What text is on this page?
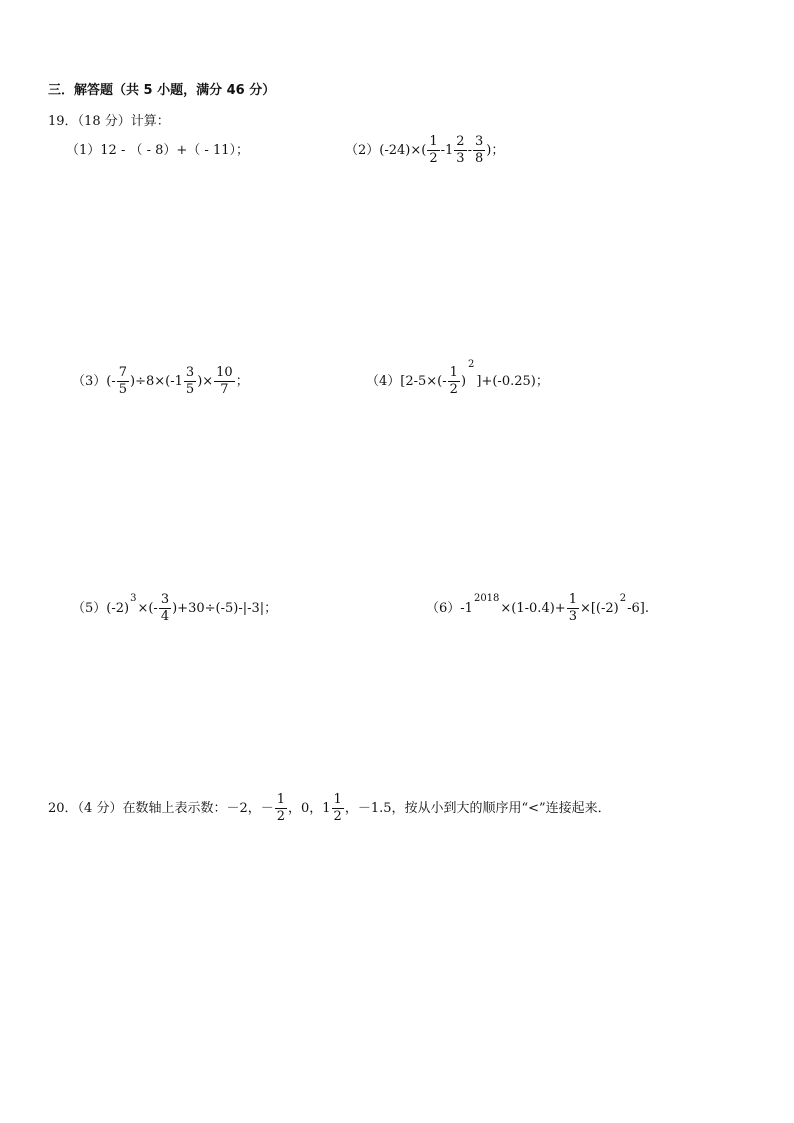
三．解答题（共 5 小题，满分 46 分）
19．（18 分）计算：
（1）12 - （ - 8）+（ - 11）；	（2） $(-24)\times( \frac{1}{2} -1 \frac{2}{3} - \frac{3}{8}$ )；
（3） (- $\frac{7}{5} )\div 8\times(-1 \frac{3}{5}$ )× $\frac{10}{7}$ ；	（4） [$2-5\times(- \frac{1}{2}$ )
2
]+(-0.25)；
（5） (-2)
3
×(- $\frac{3}{4} )+30\div(-5)-|-3|$；	（6） -1
2018
$\times(1-0.4)+ \frac{1}{3} \times[(-2)$
2
-6].
20．（4 分）在数轴上表示数：－2，－ $\frac{1}{2}$ ，0，$1 \frac{1}{2}$ ，－1.5，按从小到大的顺序用“<”连接起来．
